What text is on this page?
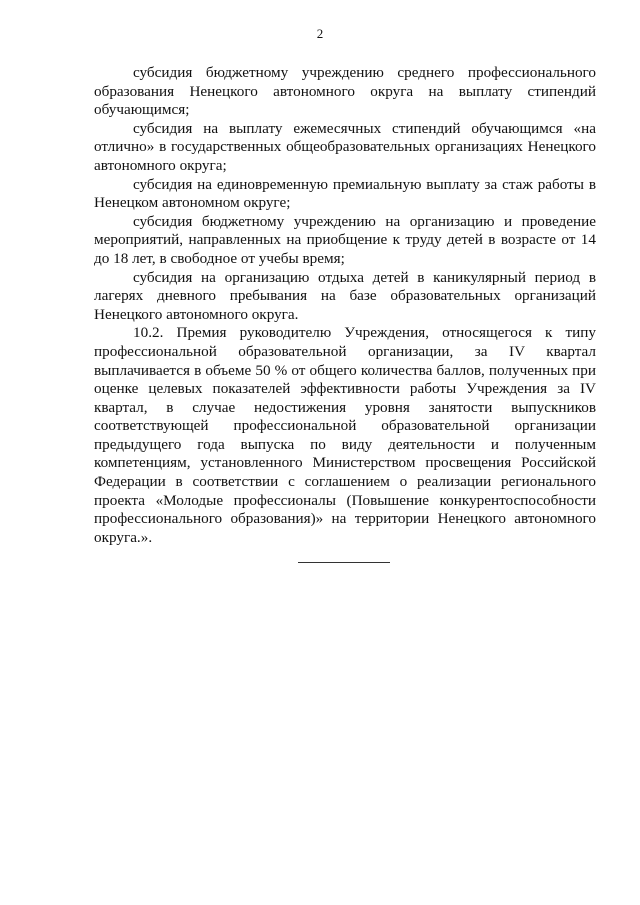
2

субсидия бюджетному учреждению среднего профессионального образования Ненецкого автономного округа на выплату стипендий обучающимся;

субсидия на выплату ежемесячных стипендий обучающимся «на отлично» в государственных общеобразовательных организациях Ненецкого автономного округа;

субсидия на единовременную премиальную выплату за стаж работы в Ненецком автономном округе;

субсидия бюджетному учреждению на организацию и проведение мероприятий, направленных на приобщение к труду детей в возрасте от 14 до 18 лет, в свободное от учебы время;

субсидия на организацию отдыха детей в каникулярный период в лагерях дневного пребывания на базе образовательных организаций Ненецкого автономного округа.

10.2. Премия руководителю Учреждения, относящегося к типу профессиональной образовательной организации, за IV квартал выплачивается в объеме 50 % от общего количества баллов, полученных при оценке целевых показателей эффективности работы Учреждения за IV квартал, в случае недостижения уровня занятости выпускников соответствующей профессиональной образовательной организации предыдущего года выпуска по виду деятельности и полученным компетенциям, установленного Министерством просвещения Российской Федерации в соответствии с соглашением о реализации регионального проекта «Молодые профессионалы (Повышение конкурентоспособности профессионального образования)» на территории Ненецкого автономного округа.».
